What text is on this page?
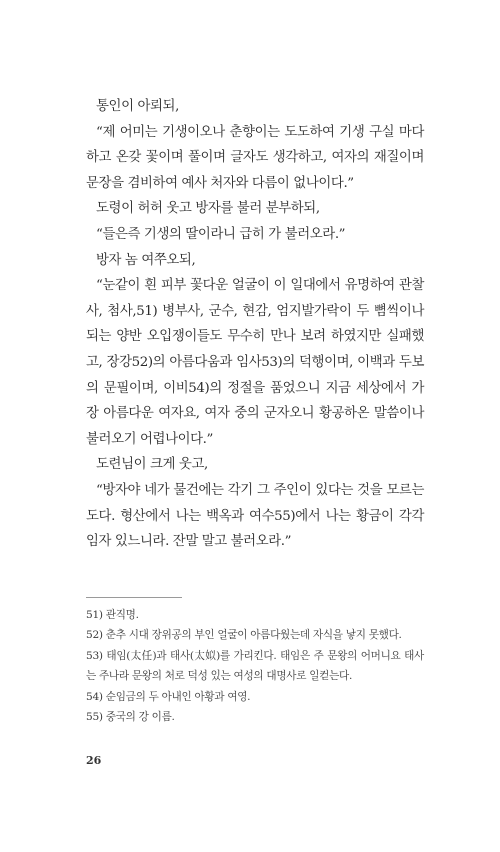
통인이 아뢰되,

“제 어미는 기생이오나 춘향이는 도도하여 기생 구실 마다하고 온갖 꽃이며 풀이며 글자도 생각하고, 여자의 재질이며 문장을 겸비하여 예사 처자와 다름이 없나이다.”

도령이 허허 웃고 방자를 불러 분부하되,

“들은즉 기생의 딸이라니 급히 가 불러오라.”

방자 놈 여쭈오되,

“눈같이 흰 피부 꽃다운 얼굴이 이 일대에서 유명하여 관찰사, 첨사,51) 병부사, 군수, 현감, 엄지발가락이 두 뼘씩이나 되는 양반 오입쟁이들도 무수히 만나 보려 하였지만 실패했고, 장강52)의 아름다움과 임사53)의 덕행이며, 이백과 두보의 문필이며, 이비54)의 정절을 품었으니 지금 세상에서 가장 아름다운 여자요, 여자 중의 군자오니 황공하온 말씀이나 불러오기 어렵나이다.”

도련님이 크게 웃고,

“방자야 네가 물건에는 각기 그 주인이 있다는 것을 모르는도다. 형산에서 나는 백옥과 여수55)에서 나는 황금이 각각 임자 있느니라. 잔말 말고 불러오라.”

51) 관직명.

52) 춘추 시대 장위공의 부인 얼굴이 아름다웠는데 자식을 낳지 못했다.

53) 태임(太任)과 태사(太姒)를 가리킨다. 태임은 주 문왕의 어머니요 태사는 주나라 문왕의 처로 덕성 있는 여성의 대명사로 일컫는다.

54) 순임금의 두 아내인 아황과 여영.

55) 중국의 강 이름.

26
